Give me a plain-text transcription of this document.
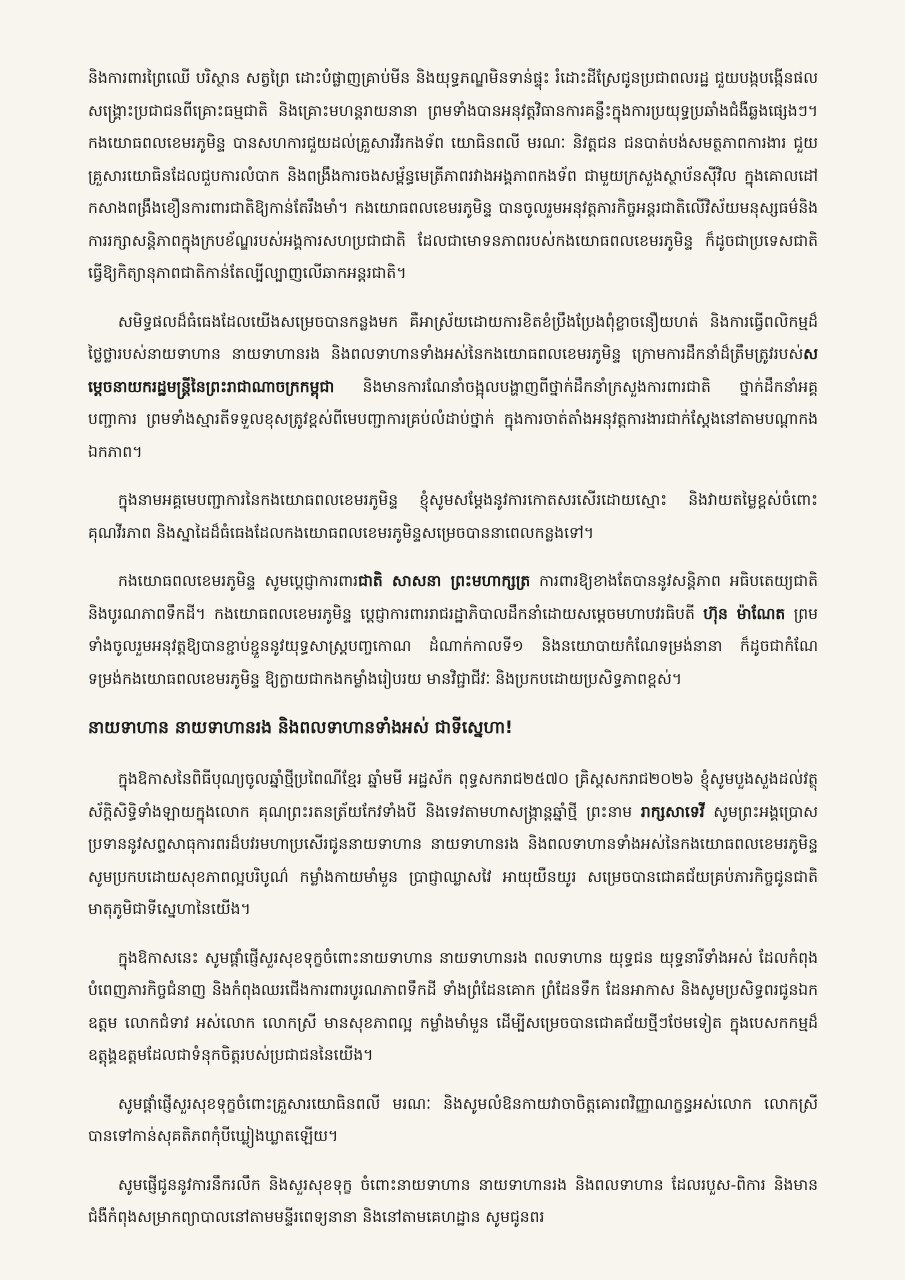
និងការពារព្រៃឈើ បរិស្ថាន សត្វព្រៃ ដោះបំផ្លាញគ្រាប់មីន និងយុទ្ធភណ្ឌមិនទាន់ផ្ទុះ រំដោះដីស្រែជូនប្រជាពលរដ្ឋ ជួយបង្កបង្កើនផល សង្គ្រោះប្រជាជនពីគ្រោះធម្មជាតិ និងគ្រោះមហន្តរាយនានា ព្រមទាំងបានអនុវត្តវិធានការគន្លឹះក្នុងការប្រយុទ្ធប្រឆាំងជំងឺឆ្លងផ្សេងៗ។ កងយោធពលខេមរភូមិន្ទ បានសហការជួយដល់គ្រួសារវីរកងទ័ព យោធិនពលី មរណៈ និវត្តជន ជនបាត់បង់សមត្ថភាពការងារ ជួយគ្រួសារយោធិនដែលជួបការលំបាក និងពង្រឹងការចងសម្ព័ន្ធមេត្រីភាពរវាងអង្គភាពកងទ័ព ជាមួយក្រសួងស្ថាប័នស៊ីវិល ក្នុងគោលដៅកសាងពង្រឹងខឿនការពារជាតិឱ្យកាន់តែរឹងមាំ។ កងយោធពលខេមរភូមិន្ទ បានចូលរួមអនុវត្តភារកិច្ចអន្តរជាតិលើវិស័យមនុស្សធម៌និងការរក្សាសន្តិភាពក្នុងក្របខ័ណ្ឌរបស់អង្គការសហប្រជាជាតិ ដែលជាមោទនភាពរបស់កងយោធពលខេមរភូមិន្ទ ក៏ដូចជាប្រទេសជាតិ ធ្វើឱ្យកិត្យានុភាពជាតិកាន់តែល្បីល្បាញលើឆាកអន្តរជាតិ។

សមិទ្ធផលដ៏ធំធេងដែលយើងសម្រេចបានកន្លងមក គឺអាស្រ័យដោយការខិតខំប្រឹងប្រែងពុំខ្លាចនឿយហត់ និងការធ្វើពលិកម្មដ៏ថ្លៃថ្លារបស់នាយទាហាន នាយទាហានរង និងពលទាហានទាំងអស់នៃកងយោធពលខេមរភូមិន្ទ ក្រោមការដឹកនាំដ៏ត្រឹមត្រូវរបស់សម្តេចនាយករដ្ឋមន្ត្រីនៃព្រះរាជាណាចក្រកម្ពុជា និងមានការណែនាំចង្អុលបង្ហាញពីថ្នាក់ដឹកនាំក្រសួងការពារជាតិ ថ្នាក់ដឹកនាំអគ្គបញ្ជាការ ព្រមទាំងស្មារតីទទួលខុសត្រូវខ្ពស់ពីមេបញ្ជាការគ្រប់លំដាប់ថ្នាក់ ក្នុងការចាត់តាំងអនុវត្តការងារជាក់ស្តែងនៅតាមបណ្តាកងឯកភាព។

ក្នុងនាមអគ្គមេបញ្ជាការនៃកងយោធពលខេមរភូមិន្ទ ខ្ញុំសូមសម្តែងនូវការកោតសរសើរដោយស្មោះ និងវាយតម្លៃខ្ពស់ចំពោះគុណវីរភាព និងស្នាដៃដ៏ធំធេងដែលកងយោធពលខេមរភូមិន្ទសម្រេចបាននាពេលកន្លងទៅ។

កងយោធពលខេមរភូមិន្ទ សូមប្តេជ្ញាការពារជាតិ សាសនា ព្រះមហាក្សត្រ ការពារឱ្យខាងតែបាននូវសន្តិភាព អធិបតេយ្យជាតិ និងបូរណភាពទឹកដី។ កងយោធពលខេមរភូមិន្ទ ប្តេជ្ញាការពាររាជរដ្ឋាភិបាលដឹកនាំដោយសម្តេចមហាបវរធិបតី ហ៊ុន ម៉ាណែត ព្រមទាំងចូលរួមអនុវត្តឱ្យបានខ្ជាប់ខ្ជួននូវយុទ្ធសាស្ត្របញ្ចកោណ ដំណាក់កាលទី១ និងនយោបាយកំណែទម្រង់នានា ក៏ដូចជាកំណែទម្រង់កងយោធពលខេមរភូមិន្ទ ឱ្យក្លាយជាកងកម្លាំងរៀបរយ មានវិជ្ជាជីវៈ និងប្រកបដោយប្រសិទ្ធភាពខ្ពស់។

នាយទាហាន នាយទាហានរង និងពលទាហានទាំងអស់ ជាទីស្នេហា!

ក្នុងឱកាសនៃពិធីបុណ្យចូលឆ្នាំថ្មីប្រពៃណីខ្មែរ ឆ្នាំមមី អដ្ឋស័ក ពុទ្ធសករាជ២៥៧០ គ្រិស្តសករាជ២០២៦ ខ្ញុំសូមបួងសួងដល់វត្ថុស័ក្តិសិទ្ធិទាំងឡាយក្នុងលោក គុណព្រះរតនត្រ័យកែវទាំងបី និងទេវតាមហាសង្ក្រាន្តឆ្នាំថ្មី ព្រះនាម រាក្សសាទេវី សូមព្រះអង្គប្រោសប្រទាននូវសព្ទសាធុការពរដ៏បវរមហាប្រសើរជូននាយទាហាន នាយទាហានរង និងពលទាហានទាំងអស់នៃកងយោធពលខេមរភូមិន្ទ សូមប្រកបដោយសុខភាពល្អបរិបូណ៌ កម្លាំងកាយមាំមួន ប្រាជ្ញាឈ្លាសវៃ អាយុយឺនយូរ សម្រេចបានជោគជ័យគ្រប់ភារកិច្ចជូនជាតិមាតុភូមិជាទីស្នេហានៃយើង។

ក្នុងឱកាសនេះ សូមផ្តាំផ្ញើសួរសុខទុក្ខចំពោះនាយទាហាន នាយទាហានរង ពលទាហាន យុទ្ធជន យុទ្ធនារីទាំងអស់ ដែលកំពុងបំពេញភារកិច្ចជំនាញ និងកំពុងឈរជើងការពារបូរណភាពទឹកដី ទាំងព្រំដែនគោក ព្រំដែនទឹក ដែនអាកាស និងសូមប្រសិទ្ធពរជូនឯកឧត្តម លោកជំទាវ អស់លោក លោកស្រី មានសុខភាពល្អ កម្លាំងមាំមួន ដើម្បីសម្រេចបានជោគជ័យថ្មីៗថែមទៀត ក្នុងបេសកកម្មដ៏ឧត្តុង្គឧត្តមដែលជាទំនុកចិត្តរបស់ប្រជាជននៃយើង។

សូមផ្តាំផ្ញើសួរសុខទុក្ខចំពោះគ្រួសារយោធិនពលី មរណៈ និងសូមលំឱនកាយវាចាចិត្តគោរពវិញ្ញាណក្ខន្ធអស់លោក លោកស្រី បានទៅកាន់សុគតិភពកុំបីឃ្លៀងឃ្លាតឡើយ។

សូមផ្ញើជូននូវការនឹករលឹក និងសួរសុខទុក្ខ ចំពោះនាយទាហាន នាយទាហានរង និងពលទាហាន ដែលរបួស-ពិការ និងមានជំងឺកំពុងសម្រាកព្យាបាលនៅតាមមន្ទីរពេទ្យនានា និងនៅតាមគេហដ្ឋាន សូមជូនពរ
